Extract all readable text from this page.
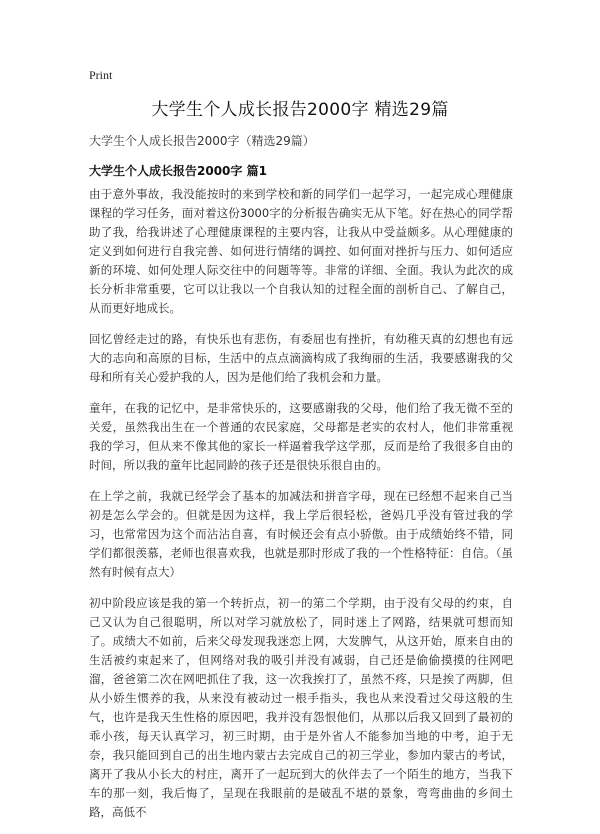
Print
大学生个人成长报告2000字 精选29篇
大学生个人成长报告2000字（精选29篇）
大学生个人成长报告2000字 篇1

由于意外事故，我没能按时的来到学校和新的同学们一起学习，一起完成心理健康课程的学习任务，面对着这份3000字的分析报告确实无从下笔。好在热心的同学帮助了我，给我讲述了心理健康课程的主要内容，让我从中受益颇多。从心理健康的定义到如何进行自我完善、如何进行情绪的调控、如何面对挫折与压力、如何适应新的环境、如何处理人际交往中的问题等等。非常的详细、全面。我认为此次的成长分析非常重要，它可以让我以一个自我认知的过程全面的剖析自己、了解自己，从而更好地成长。

回忆曾经走过的路，有快乐也有悲伤，有委屈也有挫折，有幼稚天真的幻想也有远大的志向和高原的目标，生活中的点点滴滴构成了我绚丽的生活，我要感谢我的父母和所有关心爱护我的人，因为是他们给了我机会和力量。

童年，在我的记忆中，是非常快乐的，这要感谢我的父母，他们给了我无微不至的关爱，虽然我出生在一个普通的农民家庭，父母都是老实的农村人，他们非常重视我的学习，但从来不像其他的家长一样逼着我学这学那，反而是给了我很多自由的时间，所以我的童年比起同龄的孩子还是很快乐很自由的。

在上学之前，我就已经学会了基本的加减法和拼音字母，现在已经想不起来自己当初是怎么学会的。但就是因为这样，我上学后很轻松，爸妈几乎没有管过我的学习，也常常因为这个而沾沾自喜，有时候还会有点小骄傲。由于成绩始终不错，同学们都很羡慕，老师也很喜欢我，也就是那时形成了我的一个性格特征：自信。（虽然有时候有点大）

初中阶段应该是我的第一个转折点，初一的第二个学期，由于没有父母的约束，自己又认为自己很聪明，所以对学习就放松了，同时迷上了网路，结果就可想而知了。成绩大不如前，后来父母发现我迷恋上网，大发脾气，从这开始，原来自由的生活被约束起来了，但网络对我的吸引并没有减弱，自己还是偷偷摸摸的往网吧溜，爸爸第二次在网吧抓住了我，这一次我挨打了，虽然不疼，只是挨了两脚，但从小娇生惯养的我，从来没有被动过一根手指头，我也从来没看过父母这般的生气，也许是我天生性格的原因吧，我并没有怨恨他们，从那以后我又回到了最初的乖小孩，每天认真学习，初三时期，由于是外省人不能参加当地的中考，迫于无奈，我只能回到自己的出生地内蒙古去完成自己的初三学业，参加内蒙古的考试，离开了我从小长大的村庄，离开了一起玩到大的伙伴去了一个陌生的地方，当我下车的那一刻，我后悔了，呈现在我眼前的是破乱不堪的景象，弯弯曲曲的乡间土路，高低不
